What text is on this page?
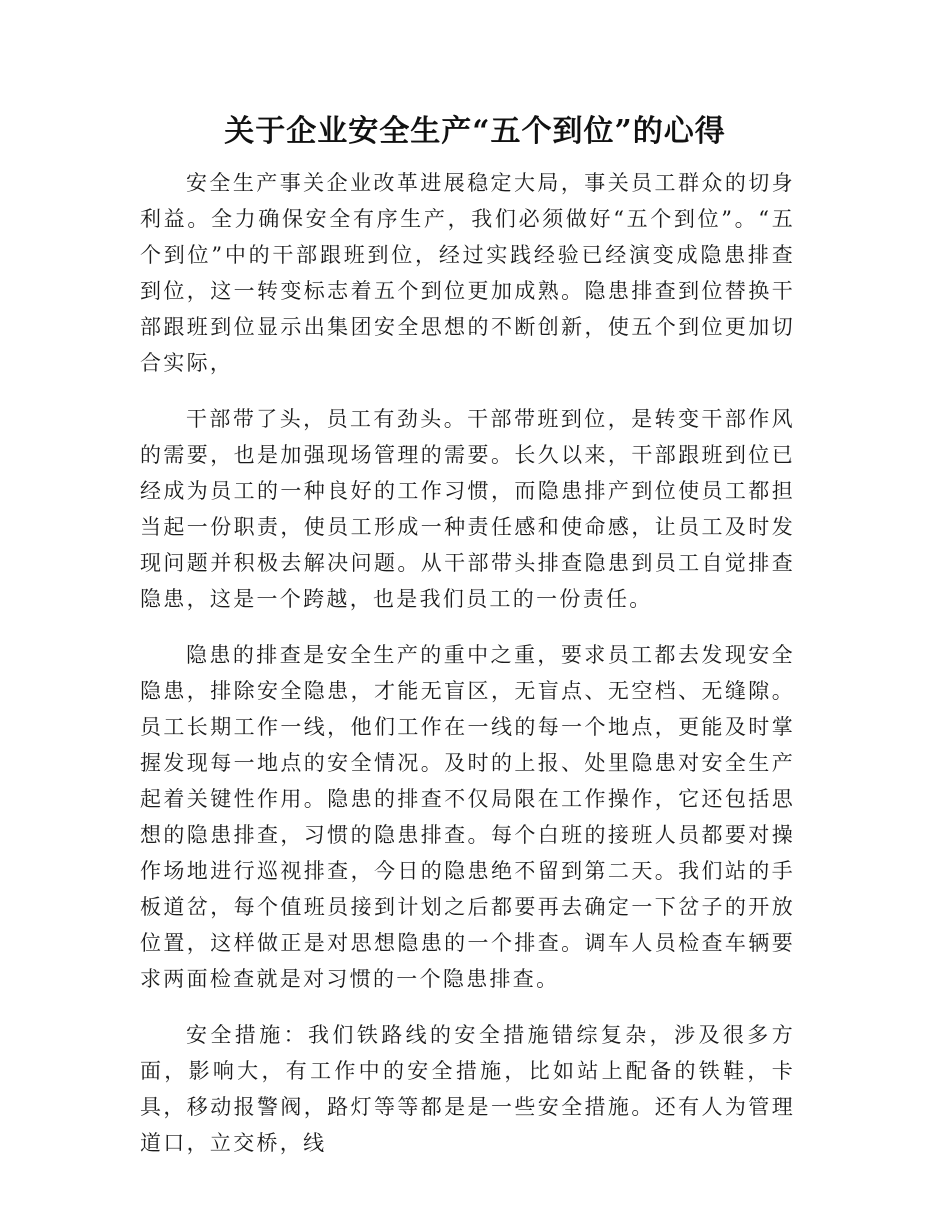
关于企业安全生产“五个到位”的心得

安全生产事关企业改革进展稳定大局，事关员工群众的切身利益。全力确保安全有序生产，我们必须做好“五个到位”。“五个到位”中的干部跟班到位，经过实践经验已经演变成隐患排查到位，这一转变标志着五个到位更加成熟。隐患排查到位替换干部跟班到位显示出集团安全思想的不断创新，使五个到位更加切合实际，

干部带了头，员工有劲头。干部带班到位，是转变干部作风的需要，也是加强现场管理的需要。长久以来，干部跟班到位已经成为员工的一种良好的工作习惯，而隐患排产到位使员工都担当起一份职责，使员工形成一种责任感和使命感，让员工及时发现问题并积极去解决问题。从干部带头排查隐患到员工自觉排查隐患，这是一个跨越，也是我们员工的一份责任。

隐患的排查是安全生产的重中之重，要求员工都去发现安全隐患，排除安全隐患，才能无盲区，无盲点、无空档、无缝隙。员工长期工作一线，他们工作在一线的每一个地点，更能及时掌握发现每一地点的安全情况。及时的上报、处里隐患对安全生产起着关键性作用。隐患的排查不仅局限在工作操作，它还包括思想的隐患排查，习惯的隐患排查。每个白班的接班人员都要对操作场地进行巡视排查，今日的隐患绝不留到第二天。我们站的手板道岔，每个值班员接到计划之后都要再去确定一下岔子的开放位置，这样做正是对思想隐患的一个排查。调车人员检查车辆要求两面检查就是对习惯的一个隐患排查。

安全措施：我们铁路线的安全措施错综复杂，涉及很多方面，影响大，有工作中的安全措施，比如站上配备的铁鞋，卡具，移动报警阀，路灯等等都是是一些安全措施。还有人为管理道口，立交桥，线
